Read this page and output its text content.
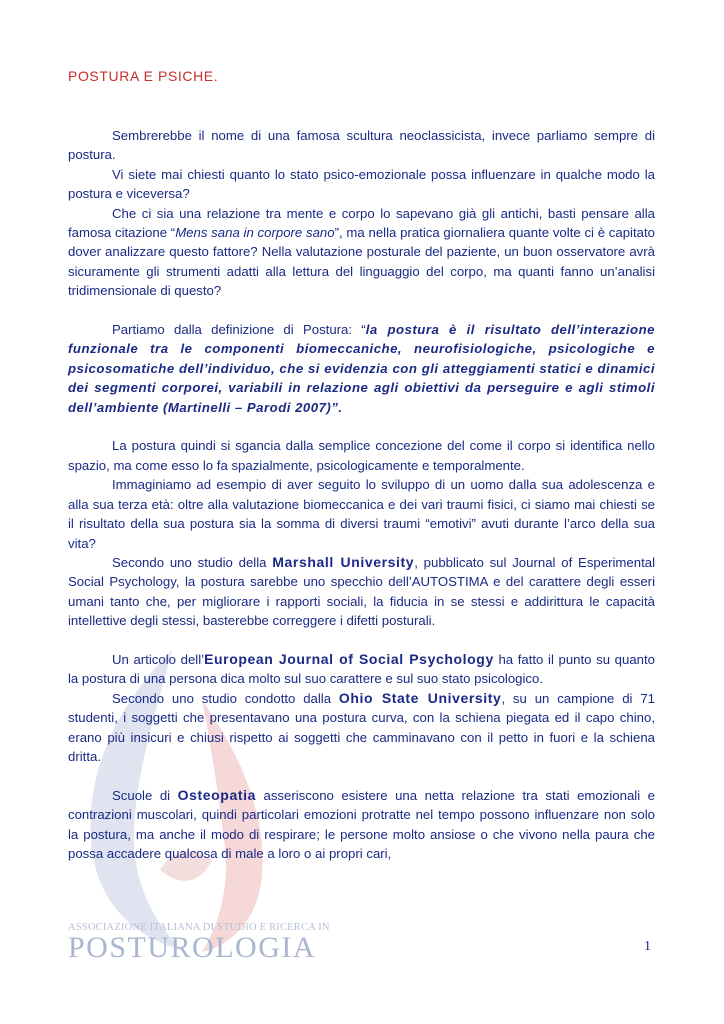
ASSOCIAZIONE ITALIANA DI STUDIO E RICERCA IN
POSTUROLOGIA
POSTURA E PSICHE.

Sembrerebbe il nome di una famosa scultura neoclassicista, invece parliamo sempre di postura.

Vi siete mai chiesti quanto lo stato psico-emozionale possa influenzare in qualche modo la postura e viceversa?

Che ci sia una relazione tra mente e corpo lo sapevano già gli antichi, basti pensare alla famosa citazione “Mens sana in corpore sano”, ma nella pratica giornaliera quante volte ci è capitato dover analizzare questo fattore? Nella valutazione posturale del paziente, un buon osservatore avrà sicuramente gli strumenti adatti alla lettura del linguaggio del corpo, ma quanti fanno un’analisi tridimensionale di questo?

Partiamo dalla definizione di Postura: “la postura è il risultato dell’interazione funzionale tra le componenti biomeccaniche, neurofisiologiche, psicologiche e psicosomatiche dell’individuo, che si evidenzia con gli atteggiamenti statici e dinamici dei segmenti corporei, variabili in relazione agli obiettivi da perseguire e agli stimoli dell’ambiente (Martinelli – Parodi 2007)”.

La postura quindi si sgancia dalla semplice concezione del come il corpo si identifica nello spazio, ma come esso lo fa spazialmente, psicologicamente e temporalmente.

Immaginiamo ad esempio di aver seguito lo sviluppo di un uomo dalla sua adolescenza e alla sua terza età: oltre alla valutazione biomeccanica e dei vari traumi fisici, ci siamo mai chiesti se il risultato della sua postura sia la somma di diversi traumi “emotivi” avuti durante l’arco della sua vita?

Secondo uno studio della Marshall University, pubblicato sul Journal of Esperimental Social Psychology, la postura sarebbe uno specchio dell’AUTOSTIMA e del carattere degli esseri umani tanto che, per migliorare i rapporti sociali, la fiducia in se stessi e addirittura le capacità intellettive degli stessi, basterebbe correggere i difetti posturali.

Un articolo dell’European Journal of Social Psychology ha fatto il punto su quanto la postura di una persona dica molto sul suo carattere e sul suo stato psicologico.

Secondo uno studio condotto dalla Ohio State University, su un campione di 71 studenti, i soggetti che presentavano una postura curva, con la schiena piegata ed il capo chino, erano più insicuri e chiusi rispetto ai soggetti che camminavano con il petto in fuori e la schiena dritta.

Scuole di Osteopatia asseriscono esistere una netta relazione tra stati emozionali e contrazioni muscolari, quindi particolari emozioni protratte nel tempo possono influenzare non solo la postura, ma anche il modo di respirare; le persone molto ansiose o che vivono nella paura che possa accadere qualcosa di male a loro o ai propri cari,

1
